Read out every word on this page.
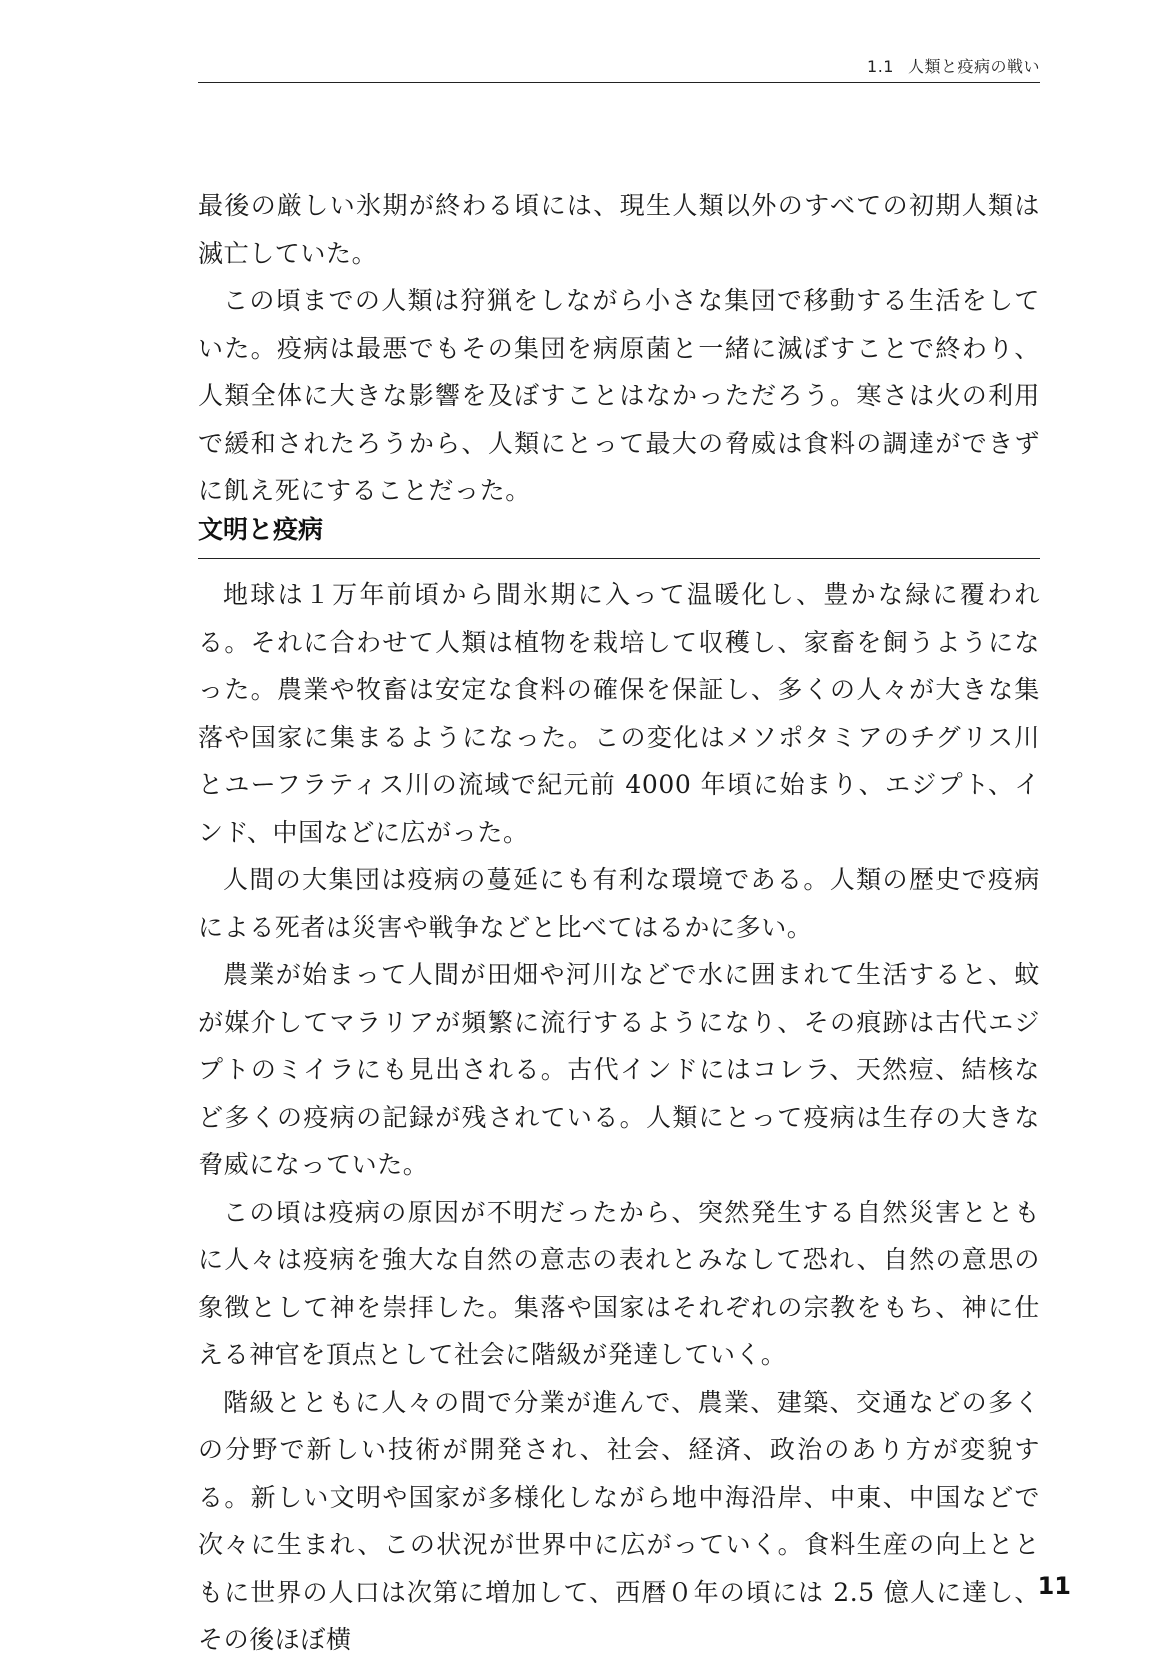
1.1 人類と疫病の戦い

最後の厳しい氷期が終わる頃には、現生人類以外のすべての初期人類は滅亡していた。

この頃までの人類は狩猟をしながら小さな集団で移動する生活をしていた。疫病は最悪でもその集団を病原菌と一緒に滅ぼすことで終わり、人類全体に大きな影響を及ぼすことはなかっただろう。寒さは火の利用で緩和されたろうから、人類にとって最大の脅威は食料の調達ができずに飢え死にすることだった。

文明と疫病

地球は１万年前頃から間氷期に入って温暖化し、豊かな緑に覆われる。それに合わせて人類は植物を栽培して収穫し、家畜を飼うようになった。農業や牧畜は安定な食料の確保を保証し、多くの人々が大きな集落や国家に集まるようになった。この変化はメソポタミアのチグリス川とユーフラティス川の流域で紀元前 4000 年頃に始まり、エジプト、インド、中国などに広がった。

人間の大集団は疫病の蔓延にも有利な環境である。人類の歴史で疫病による死者は災害や戦争などと比べてはるかに多い。

農業が始まって人間が田畑や河川などで水に囲まれて生活すると、蚊が媒介してマラリアが頻繁に流行するようになり、その痕跡は古代エジプトのミイラにも見出される。古代インドにはコレラ、天然痘、結核など多くの疫病の記録が残されている。人類にとって疫病は生存の大きな脅威になっていた。

この頃は疫病の原因が不明だったから、突然発生する自然災害とともに人々は疫病を強大な自然の意志の表れとみなして恐れ、自然の意思の象徴として神を崇拝した。集落や国家はそれぞれの宗教をもち、神に仕える神官を頂点として社会に階級が発達していく。

階級とともに人々の間で分業が進んで、農業、建築、交通などの多くの分野で新しい技術が開発され、社会、経済、政治のあり方が変貌する。新しい文明や国家が多様化しながら地中海沿岸、中東、中国などで次々に生まれ、この状況が世界中に広がっていく。食料生産の向上とともに世界の人口は次第に増加して、西暦０年の頃には 2.5 億人に達し、その後ほぼ横

11
